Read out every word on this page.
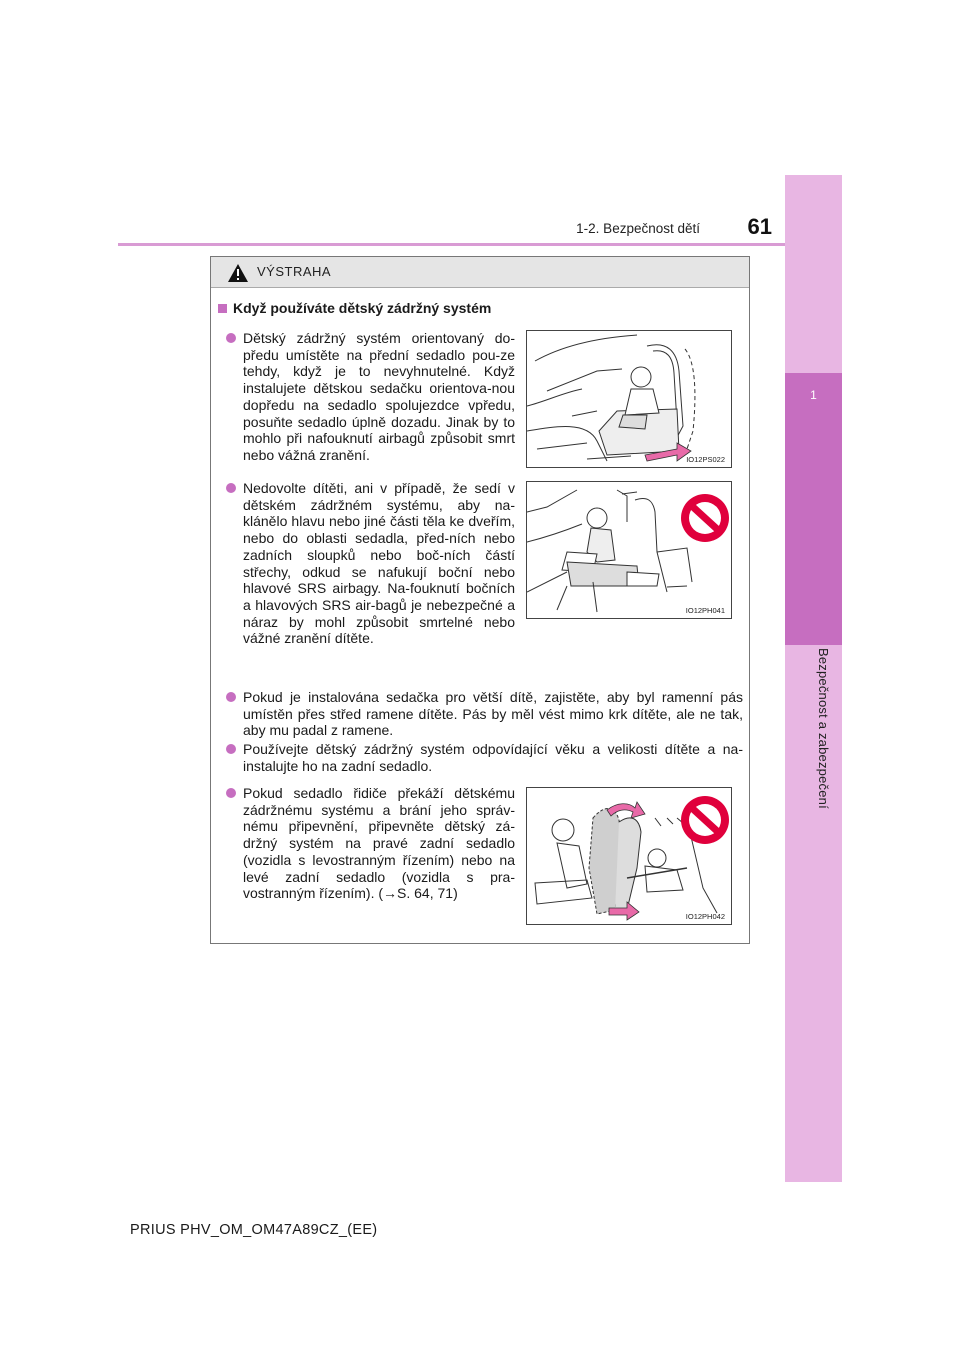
1
Bezpečnost a zabezpečení
1-2. Bezpečnost dětí	61
VÝSTRAHA
Když používáte dětský zádržný systém
Dětský zádržný systém orientovaný do-předu umístěte na přední sedadlo pou-ze tehdy, když je to nevyhnutelné. Když instalujete dětskou sedačku orientova-nou dopředu na sedadlo spolujezdce vpředu, posuňte sedadlo úplně dozadu. Jinak by to mohlo při nafouknutí airbagů způsobit smrt nebo vážná zranění.	IO12PS022
Nedovolte dítěti, ani v případě, že sedí v dětském zádržném systému, aby na-klánělo hlavu nebo jiné části těla ke dveřím, nebo do oblasti sedadla, před-ních nebo zadních sloupků nebo boč-ních částí střechy, odkud se nafukují boční nebo hlavové SRS airbagy. Na-fouknutí bočních a hlavových SRS air-bagů je nebezpečné a náraz by mohl způsobit smrtelné nebo vážné zranění dítěte.
IO12PH041
Pokud je instalována sedačka pro větší dítě, zajistěte, aby byl ramenní pás umístěn přes střed ramene dítěte. Pás by měl vést mimo krk dítěte, ale ne tak, aby mu padal z ramene.
Používejte dětský zádržný systém odpovídající věku a velikosti dítěte a na-instalujte ho na zadní sedadlo.
Pokud sedadlo řidiče překáží dětskému zádržnému systému a brání jeho správ-nému připevnění, připevněte dětský zá-držný systém na pravé zadní sedadlo (vozidla s levostranným řízením) nebo na levé zadní sedadlo (vozidla s pra-vostranným řízením). (→S. 64, 71)
IO12PH042
PRIUS PHV_OM_OM47A89CZ_(EE)
